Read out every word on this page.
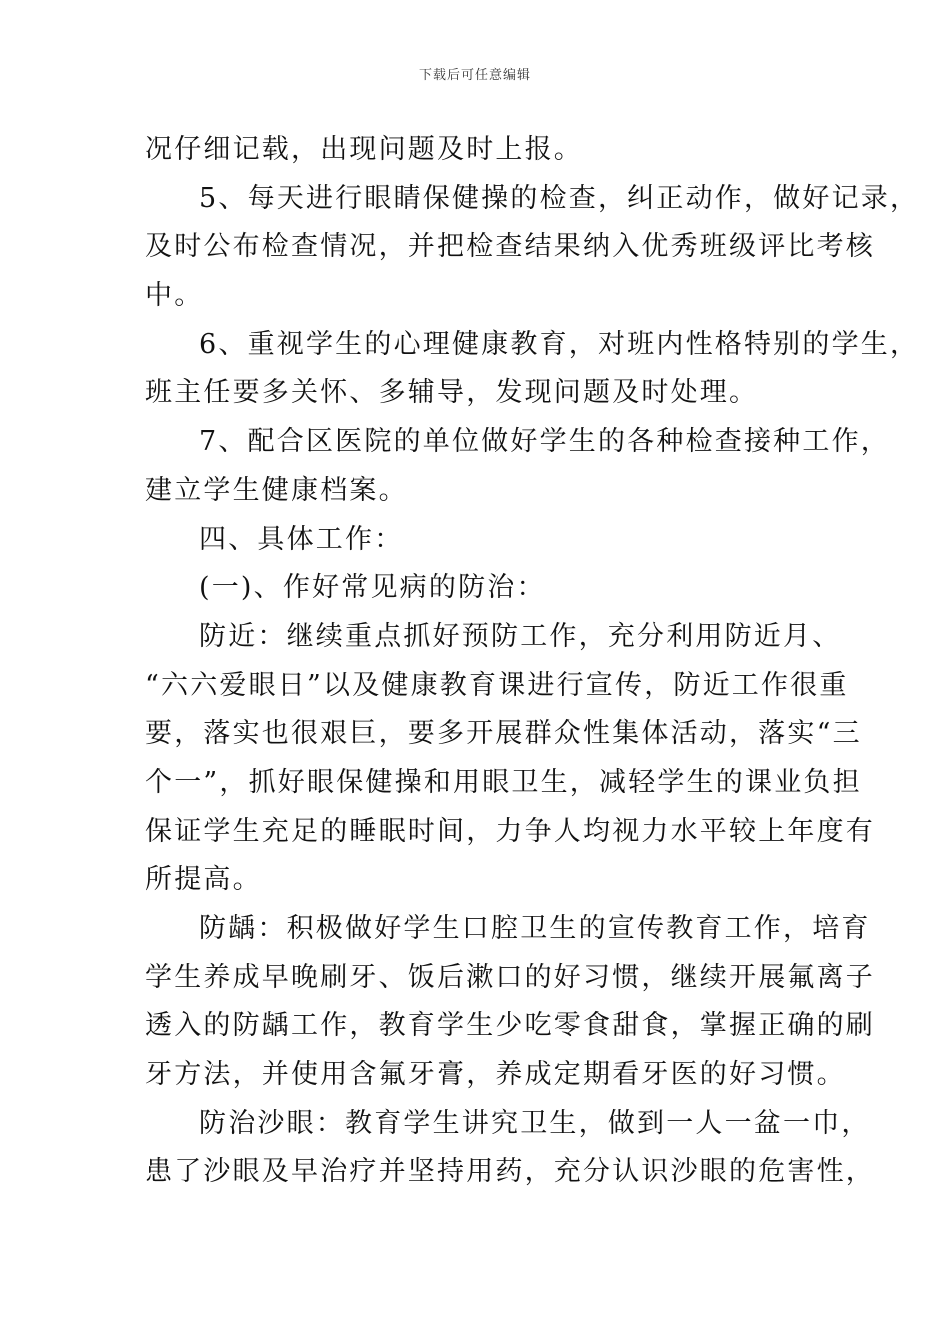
下载后可任意编辑
况仔细记载，出现问题及时上报。
5、每天进行眼睛保健操的检查，纠正动作，做好记录，
及时公布检查情况，并把检查结果纳入优秀班级评比考核
中。
6、重视学生的心理健康教育，对班内性格特别的学生，
班主任要多关怀、多辅导，发现问题及时处理。
7、配合区医院的单位做好学生的各种检查接种工作，
建立学生健康档案。
四、具体工作：
(一)、作好常见病的防治：
防近：继续重点抓好预防工作，充分利用防近月、
“六六爱眼日”以及健康教育课进行宣传，防近工作很重
要，落实也很艰巨，要多开展群众性集体活动，落实“三
个一”，抓好眼保健操和用眼卫生，减轻学生的课业负担
保证学生充足的睡眠时间，力争人均视力水平较上年度有
所提高。
防龋：积极做好学生口腔卫生的宣传教育工作，培育
学生养成早晚刷牙、饭后漱口的好习惯，继续开展氟离子
透入的防龋工作，教育学生少吃零食甜食，掌握正确的刷
牙方法，并使用含氟牙膏，养成定期看牙医的好习惯。
防治沙眼：教育学生讲究卫生，做到一人一盆一巾，
患了沙眼及早治疗并坚持用药，充分认识沙眼的危害性，
